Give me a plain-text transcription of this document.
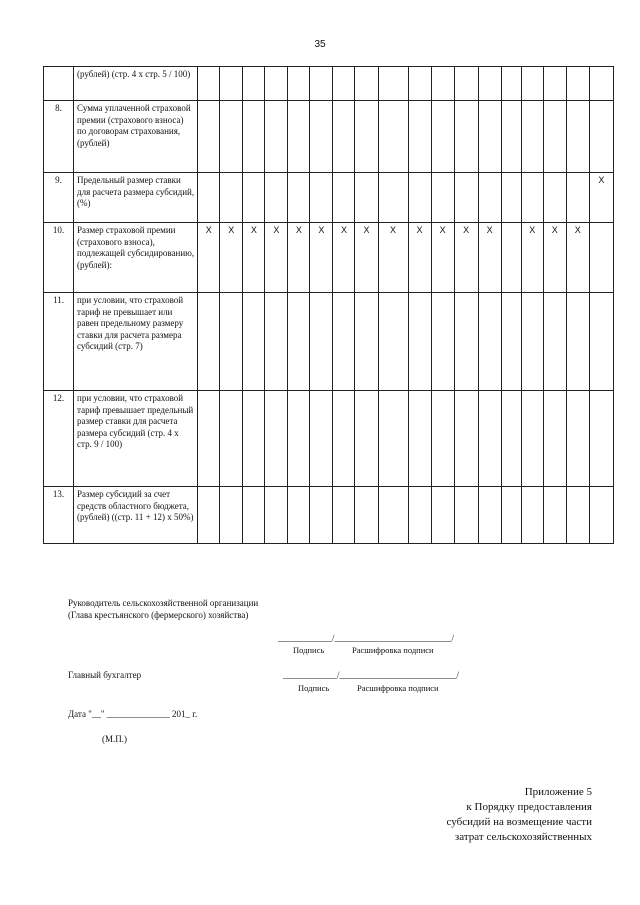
35
	(рублей) (стр. 4 x стр. 5 / 100)																		
8.	Сумма уплаченной страховой премии (страхового взноса) по договорам страхования, (рублей)																		
9.	Предельный размер ставки для расчета размера субсидий, (%)																		X
10.	Размер страховой премии (страхового взноса), подлежащей субсидированию, (рублей):	X	X	X	X	X	X	X	X	X	X	X	X	X		X	X	X	
11.	при условии, что страховой тариф не превышает или равен предельному размеру ставки для расчета размера субсидий (стр. 7)																		
12.	при условии, что страховой тариф превышает предельный размер ставки для расчета размера субсидий (стр. 4 x стр. 9 / 100)																		
13.	Размер субсидий за счет средств областного бюджета, (рублей) ((стр. 11 + 12) x 50%)																		
Руководитель сельскохозяйственной организации (Глава крестьянского (фермерского) хозяйства)
____________/__________________________/
Подпись	Расшифровка подписи
Главный бухгалтер	____________/__________________________/
Подпись	Расшифровка подписи
Дата "__" ______________ 201_ г.
(М.П.)
Приложение 5
к Порядку предоставления
субсидий на возмещение части
затрат сельскохозяйственных
